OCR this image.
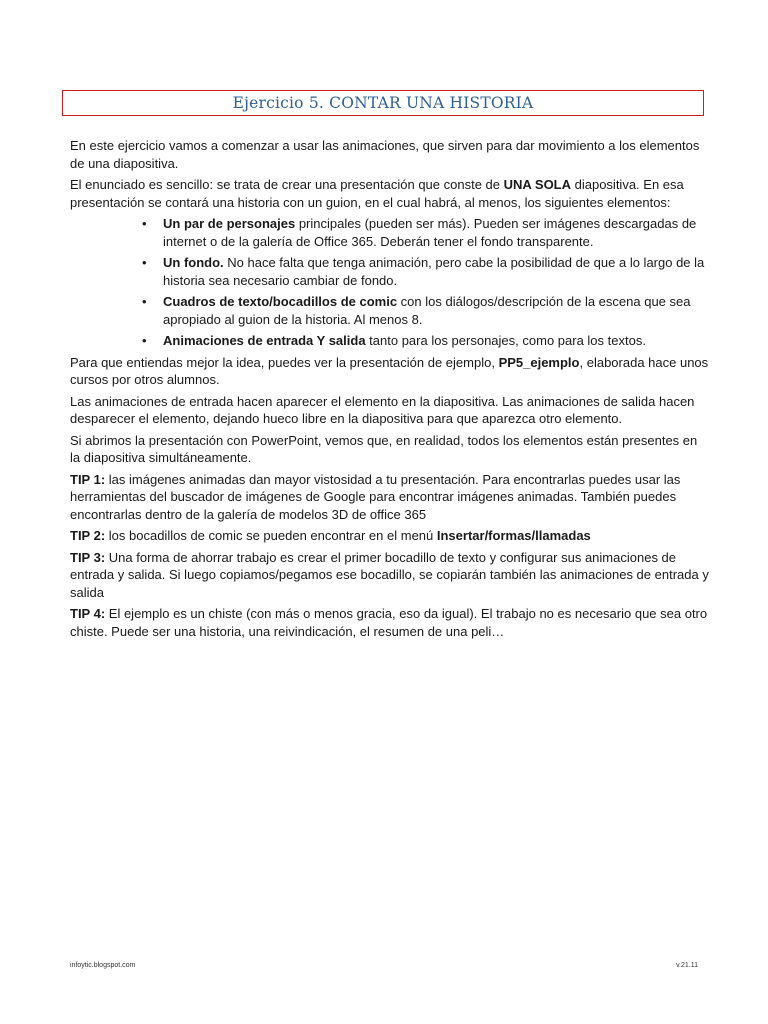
Ejercicio 5. CONTAR UNA HISTORIA

En este ejercicio vamos a comenzar a usar las animaciones, que sirven para dar movimiento a los elementos de una diapositiva.

El enunciado es sencillo: se trata de crear una presentación que conste de UNA SOLA diapositiva. En esa presentación se contará una historia con un guion, en el cual habrá, al menos, los siguientes elementos:

• Un par de personajes principales (pueden ser más). Pueden ser imágenes descargadas de internet o de la galería de Office 365. Deberán tener el fondo transparente.
• Un fondo. No hace falta que tenga animación, pero cabe la posibilidad de que a lo largo de la historia sea necesario cambiar de fondo.
• Cuadros de texto/bocadillos de comic con los diálogos/descripción de la escena que sea apropiado al guion de la historia. Al menos 8.
• Animaciones de entrada Y salida tanto para los personajes, como para los textos.

Para que entiendas mejor la idea, puedes ver la presentación de ejemplo, PP5_ejemplo, elaborada hace unos cursos por otros alumnos.

Las animaciones de entrada hacen aparecer el elemento en la diapositiva. Las animaciones de salida hacen desparecer el elemento, dejando hueco libre en la diapositiva para que aparezca otro elemento.

Si abrimos la presentación con PowerPoint, vemos que, en realidad, todos los elementos están presentes en la diapositiva simultáneamente.

TIP 1: las imágenes animadas dan mayor vistosidad a tu presentación. Para encontrarlas puedes usar las herramientas del buscador de imágenes de Google para encontrar imágenes animadas. También puedes encontrarlas dentro de la galería de modelos 3D de office 365

TIP 2: los bocadillos de comic se pueden encontrar en el menú Insertar/formas/llamadas

TIP 3: Una forma de ahorrar trabajo es crear el primer bocadillo de texto y configurar sus animaciones de entrada y salida. Si luego copiamos/pegamos ese bocadillo, se copiarán también las animaciones de entrada y salida

TIP 4: El ejemplo es un chiste (con más o menos gracia, eso da igual). El trabajo no es necesario que sea otro chiste. Puede ser una historia, una reivindicación, el resumen de una peli…

infoytic.blogspot.com	v.21.11
